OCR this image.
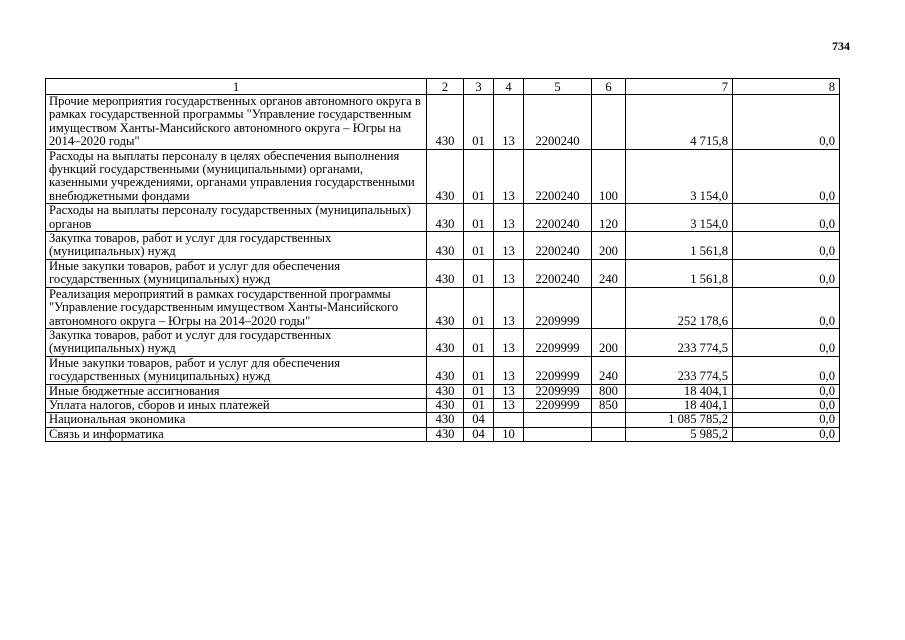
734
1	2	3	4	5	6	7	8
Прочие мероприятия государственных органов автономного округа в рамках государственной программы "Управление государственным имуществом Ханты-Мансийского автономного округа – Югры на 2014–2020 годы"	430	01	13	2200240		4 715,8	0,0
Расходы на выплаты персоналу в целях обеспечения выполнения функций государственными (муниципальными) органами, казенными учреждениями, органами управления государственными внебюджетными фондами	430	01	13	2200240	100	3 154,0	0,0
Расходы на выплаты персоналу государственных (муниципальных) органов	430	01	13	2200240	120	3 154,0	0,0
Закупка товаров, работ и услуг для государственных (муниципальных) нужд	430	01	13	2200240	200	1 561,8	0,0
Иные закупки товаров, работ и услуг для обеспечения государственных (муниципальных) нужд	430	01	13	2200240	240	1 561,8	0,0
Реализация мероприятий в рамках государственной программы "Управление государственным имуществом Ханты-Мансийского автономного округа – Югры на 2014–2020 годы"	430	01	13	2209999		252 178,6	0,0
Закупка товаров, работ и услуг для государственных (муниципальных) нужд	430	01	13	2209999	200	233 774,5	0,0
Иные закупки товаров, работ и услуг для обеспечения государственных (муниципальных) нужд	430	01	13	2209999	240	233 774,5	0,0
Иные бюджетные ассигнования	430	01	13	2209999	800	18 404,1	0,0
Уплата налогов, сборов и иных платежей	430	01	13	2209999	850	18 404,1	0,0
Национальная экономика	430	04				1 085 785,2	0,0
Связь и информатика	430	04	10			5 985,2	0,0
